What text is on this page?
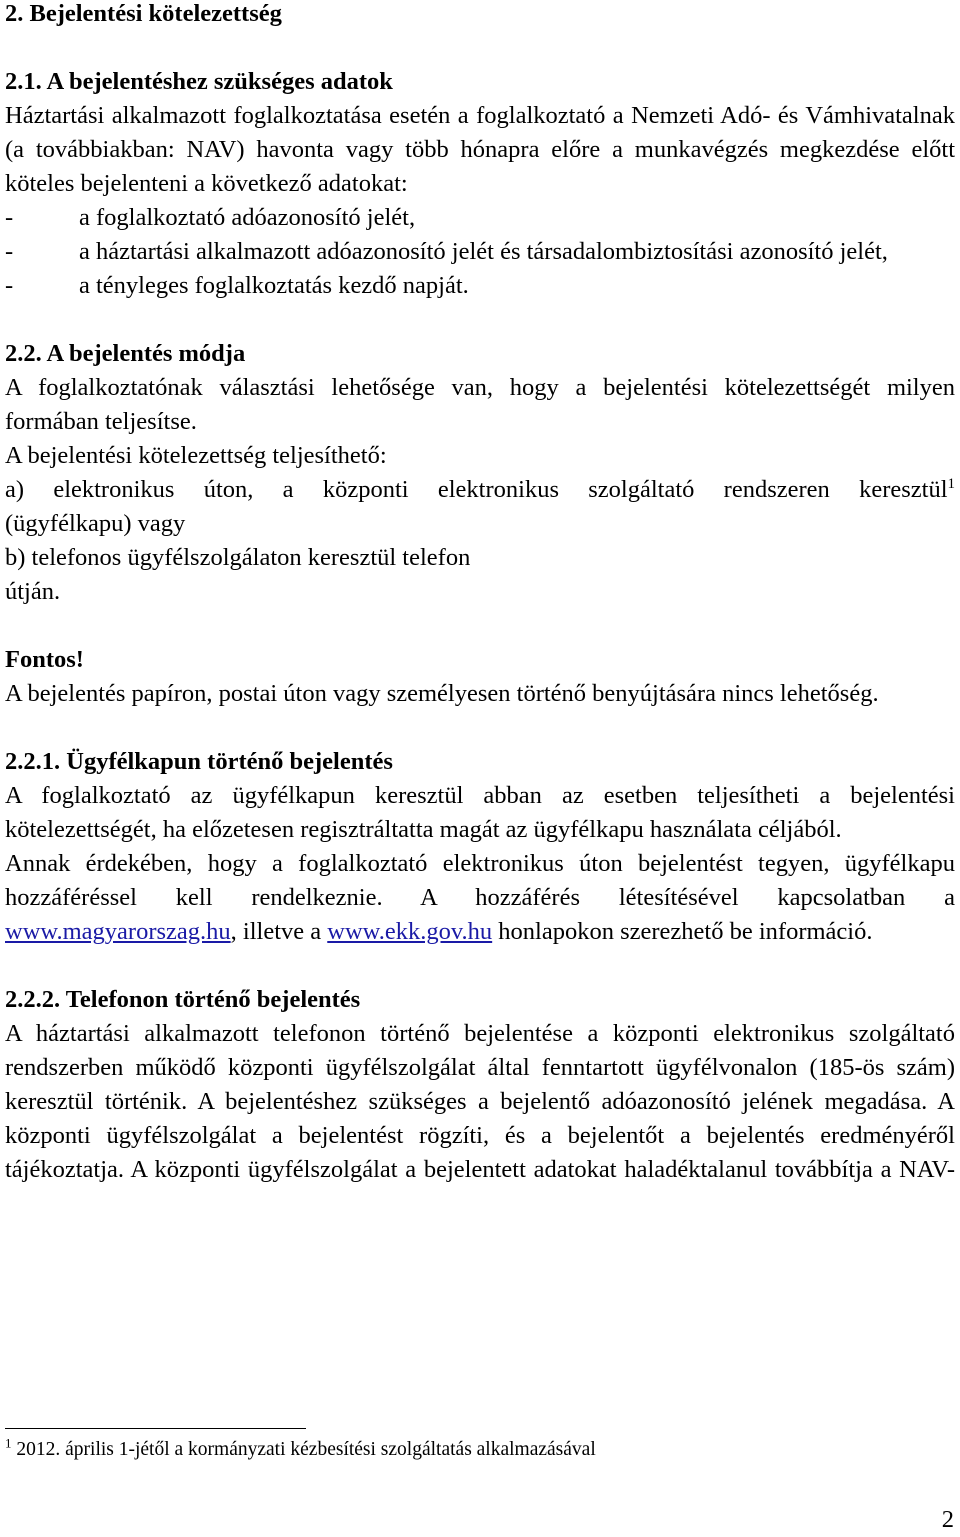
2. Bejelentési kötelezettség
2.1. A bejelentéshez szükséges adatok
Háztartási alkalmazott foglalkoztatása esetén a foglalkoztató a Nemzeti Adó- és Vámhivatalnak (a továbbiakban: NAV) havonta vagy több hónapra előre a munkavégzés megkezdése előtt köteles bejelenteni a következő adatokat:
-	a foglalkoztató adóazonosító jelét,
-	a háztartási alkalmazott adóazonosító jelét és társadalombiztosítási azonosító jelét,
-	a tényleges foglalkoztatás kezdő napját.
2.2. A bejelentés módja
A foglalkoztatónak választási lehetősége van, hogy a bejelentési kötelezettségét milyen formában teljesítse.
A bejelentési kötelezettség teljesíthető:
a) elektronikus úton, a központi elektronikus szolgáltató rendszeren keresztül$^1$
(ügyfélkapu) vagy
b) telefonos ügyfélszolgálaton keresztül telefon
útján.
Fontos!
A bejelentés papíron, postai úton vagy személyesen történő benyújtására nincs lehetőség.
2.2.1. Ügyfélkapun történő bejelentés
A foglalkoztató az ügyfélkapun keresztül abban az esetben teljesítheti a bejelentési kötelezettségét, ha előzetesen regisztráltatta magát az ügyfélkapu használata céljából.
Annak érdekében, hogy a foglalkoztató elektronikus úton bejelentést tegyen, ügyfélkapu hozzáféréssel kell rendelkeznie. A hozzáférés létesítésével kapcsolatban a www.magyarorszag.hu, illetve a www.ekk.gov.hu honlapokon szerezhető be információ.
2.2.2. Telefonon történő bejelentés
A háztartási alkalmazott telefonon történő bejelentése a központi elektronikus szolgáltató rendszerben működő központi ügyfélszolgálat által fenntartott ügyfélvonalon (185-ös szám) keresztül történik. A bejelentéshez szükséges a bejelentő adóazonosító jelének megadása. A központi ügyfélszolgálat a bejelentést rögzíti, és a bejelentőt a bejelentés eredményéről tájékoztatja. A központi ügyfélszolgálat a bejelentett adatokat haladéktalanul továbbítja a NAV-
$^1$ 2012. április 1-jétől a kormányzati kézbesítési szolgáltatás alkalmazásával
2
